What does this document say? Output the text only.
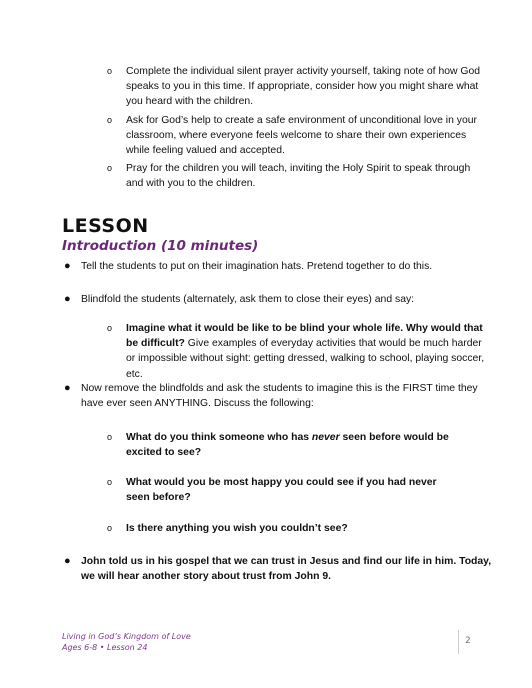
o Complete the individual silent prayer activity yourself, taking note of how God speaks to you in this time. If appropriate, consider how you might share what you heard with the children.
o Ask for God’s help to create a safe environment of unconditional love in your classroom, where everyone feels welcome to share their own experiences while feeling valued and accepted.
o Pray for the children you will teach, inviting the Holy Spirit to speak through and with you to the children.
LESSON
Introduction (10 minutes)
● Tell the students to put on their imagination hats. Pretend together to do this.
● Blindfold the students (alternately, ask them to close their eyes) and say:
o Imagine what it would be like to be blind your whole life. Why would that be difficult? Give examples of everyday activities that would be much harder or impossible without sight: getting dressed, walking to school, playing soccer, etc.
● Now remove the blindfolds and ask the students to imagine this is the FIRST time they have ever seen ANYTHING. Discuss the following:
o What do you think someone who has never seen before would be excited to see?
o What would you be most happy you could see if you had never seen before?
o Is there anything you wish you couldn’t see?
● John told us in his gospel that we can trust in Jesus and find our life in him. Today, we will hear another story about trust from John 9.
Living in God’s Kingdom of Love
Ages 6-8 • Lesson 24
2
